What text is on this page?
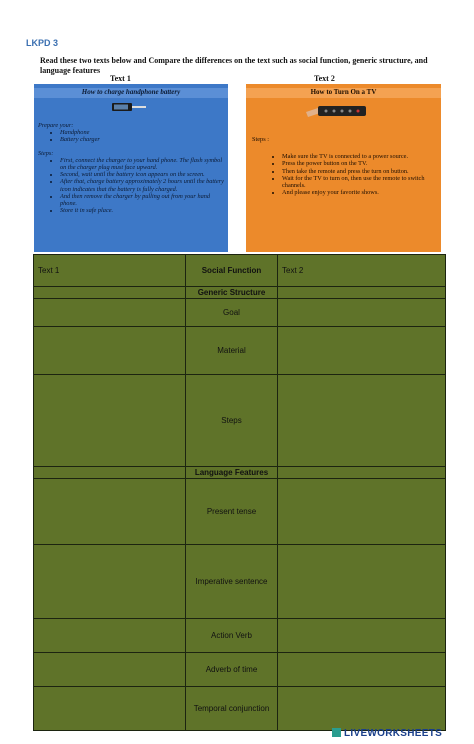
LKPD 3
Read these two texts below and Compare the differences on the text such as social function, generic structure, and language features
Text 1	Text 2
How to charge handphone battery
Prepare your:
• Handphone
• Battery charger
Steps:
• First, connect the charger to your hand phone. The flash symbol on the charger plug must face upward.
• Second, wait until the battery icon appears on the screen.
• After that, charge battery approximately 2 hours until the battery icon indicates that the battery is fully charged.
• And then remove the charger by pulling out from your hand phone.
• Store it in safe place.
How to Turn On a TV
Steps :
• Make sure the TV is connected to a power source.
• Press the power button on the TV.
• Then take the remote and press the turn on button.
• Wait for the TV to turn on, then use the remote to switch channels.
• And please enjoy your favorite shows.
Text 1	Social Function	Text 2
	Generic Structure	
	Goal	
	Material	
	Steps	
	Language Features	
	Present tense	
	Imperative sentence	
	Action Verb	
	Adverb of time	
	Temporal conjunction	
LIVEWORKSHEETS
